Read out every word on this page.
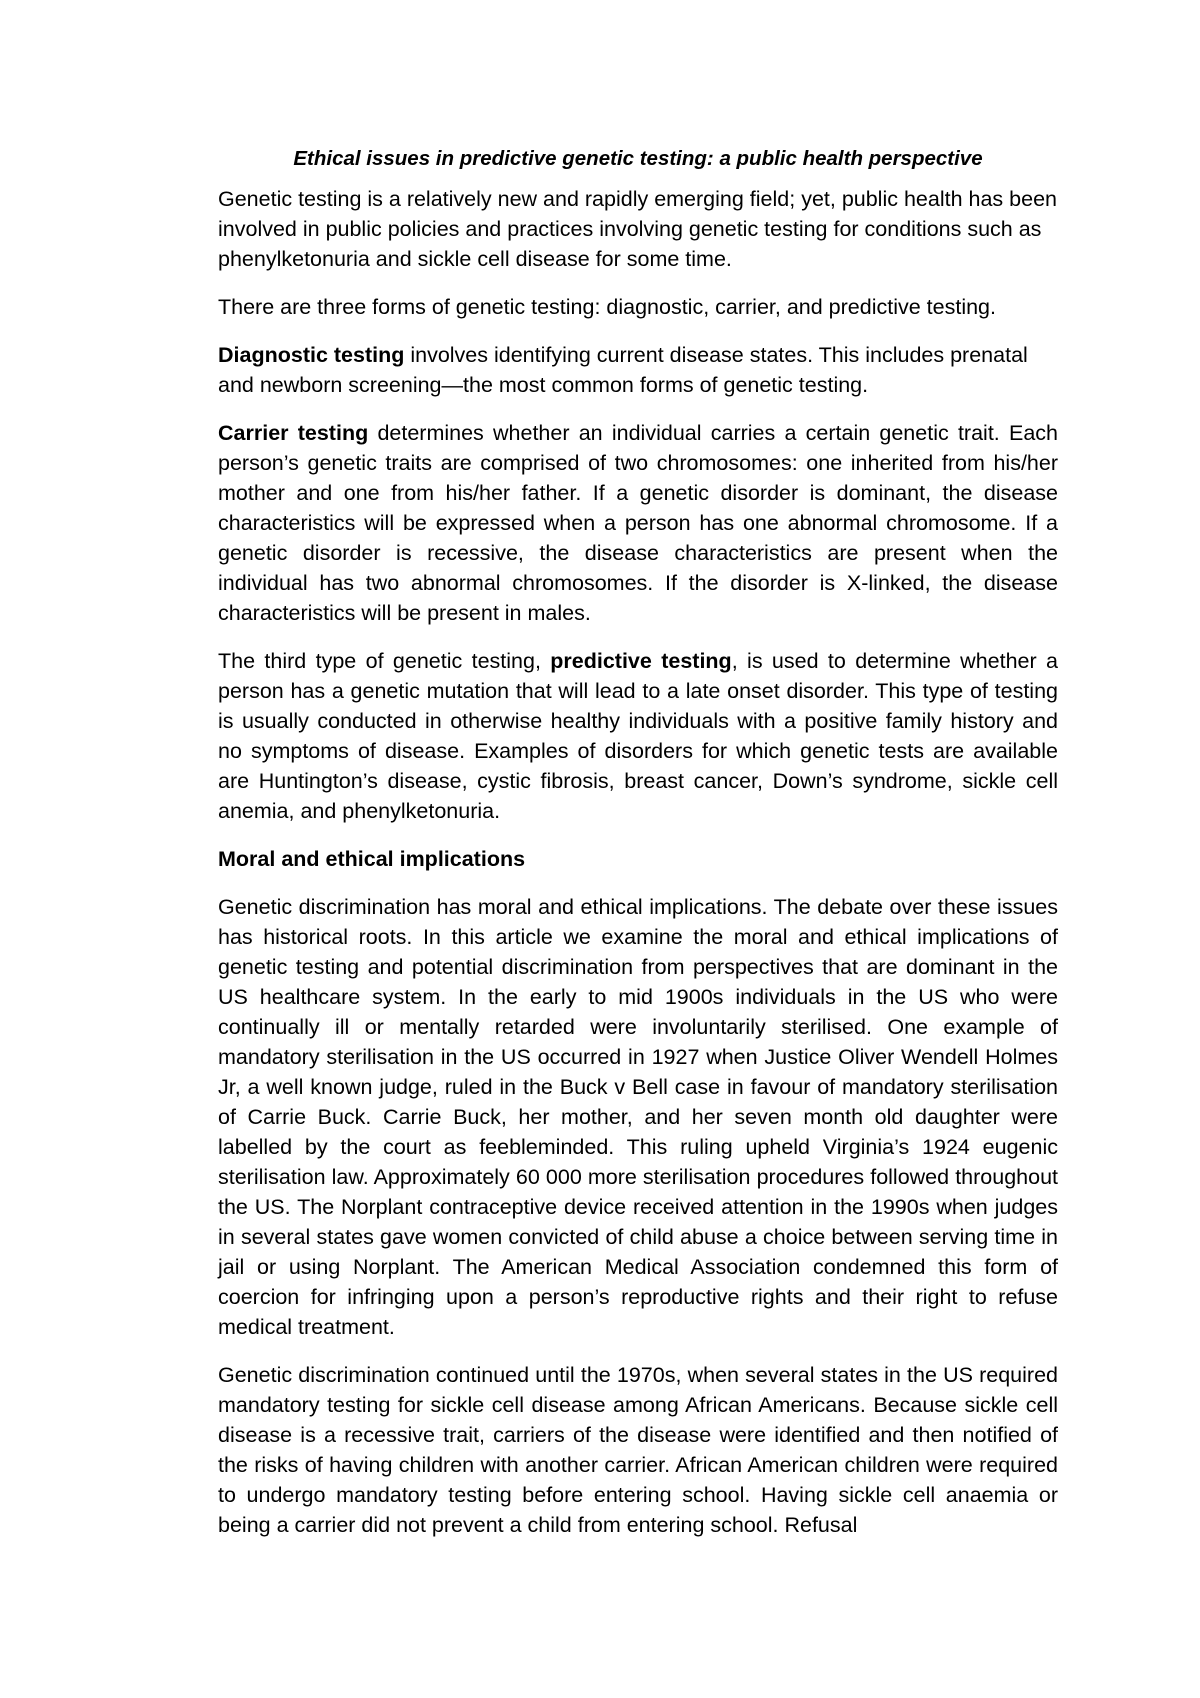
Ethical issues in predictive genetic testing: a public health perspective

Genetic testing is a relatively new and rapidly emerging field; yet, public health has been involved in public policies and practices involving genetic testing for conditions such as phenylketonuria and sickle cell disease for some time.

There are three forms of genetic testing: diagnostic, carrier, and predictive testing.

Diagnostic testing involves identifying current disease states. This includes prenatal and newborn screening—the most common forms of genetic testing.

Carrier testing determines whether an individual carries a certain genetic trait. Each person’s genetic traits are comprised of two chromosomes: one inherited from his/her mother and one from his/her father. If a genetic disorder is dominant, the disease characteristics will be expressed when a person has one abnormal chromosome. If a genetic disorder is recessive, the disease characteristics are present when the individual has two abnormal chromosomes. If the disorder is X-linked, the disease characteristics will be present in males.

The third type of genetic testing, predictive testing, is used to determine whether a person has a genetic mutation that will lead to a late onset disorder. This type of testing is usually conducted in otherwise healthy individuals with a positive family history and no symptoms of disease. Examples of disorders for which genetic tests are available are Huntington’s disease, cystic fibrosis, breast cancer, Down’s syndrome, sickle cell anemia, and phenylketonuria.

Moral and ethical implications

Genetic discrimination has moral and ethical implications. The debate over these issues has historical roots. In this article we examine the moral and ethical implications of genetic testing and potential discrimination from perspectives that are dominant in the US healthcare system. In the early to mid 1900s individuals in the US who were continually ill or mentally retarded were involuntarily sterilised. One example of mandatory sterilisation in the US occurred in 1927 when Justice Oliver Wendell Holmes Jr, a well known judge, ruled in the Buck v Bell case in favour of mandatory sterilisation of Carrie Buck. Carrie Buck, her mother, and her seven month old daughter were labelled by the court as feebleminded. This ruling upheld Virginia’s 1924 eugenic sterilisation law. Approximately 60 000 more sterilisation procedures followed throughout the US. The Norplant contraceptive device received attention in the 1990s when judges in several states gave women convicted of child abuse a choice between serving time in jail or using Norplant. The American Medical Association condemned this form of coercion for infringing upon a person’s reproductive rights and their right to refuse medical treatment.

Genetic discrimination continued until the 1970s, when several states in the US required mandatory testing for sickle cell disease among African Americans. Because sickle cell disease is a recessive trait, carriers of the disease were identified and then notified of the risks of having children with another carrier. African American children were required to undergo mandatory testing before entering school. Having sickle cell anaemia or being a carrier did not prevent a child from entering school. Refusal
